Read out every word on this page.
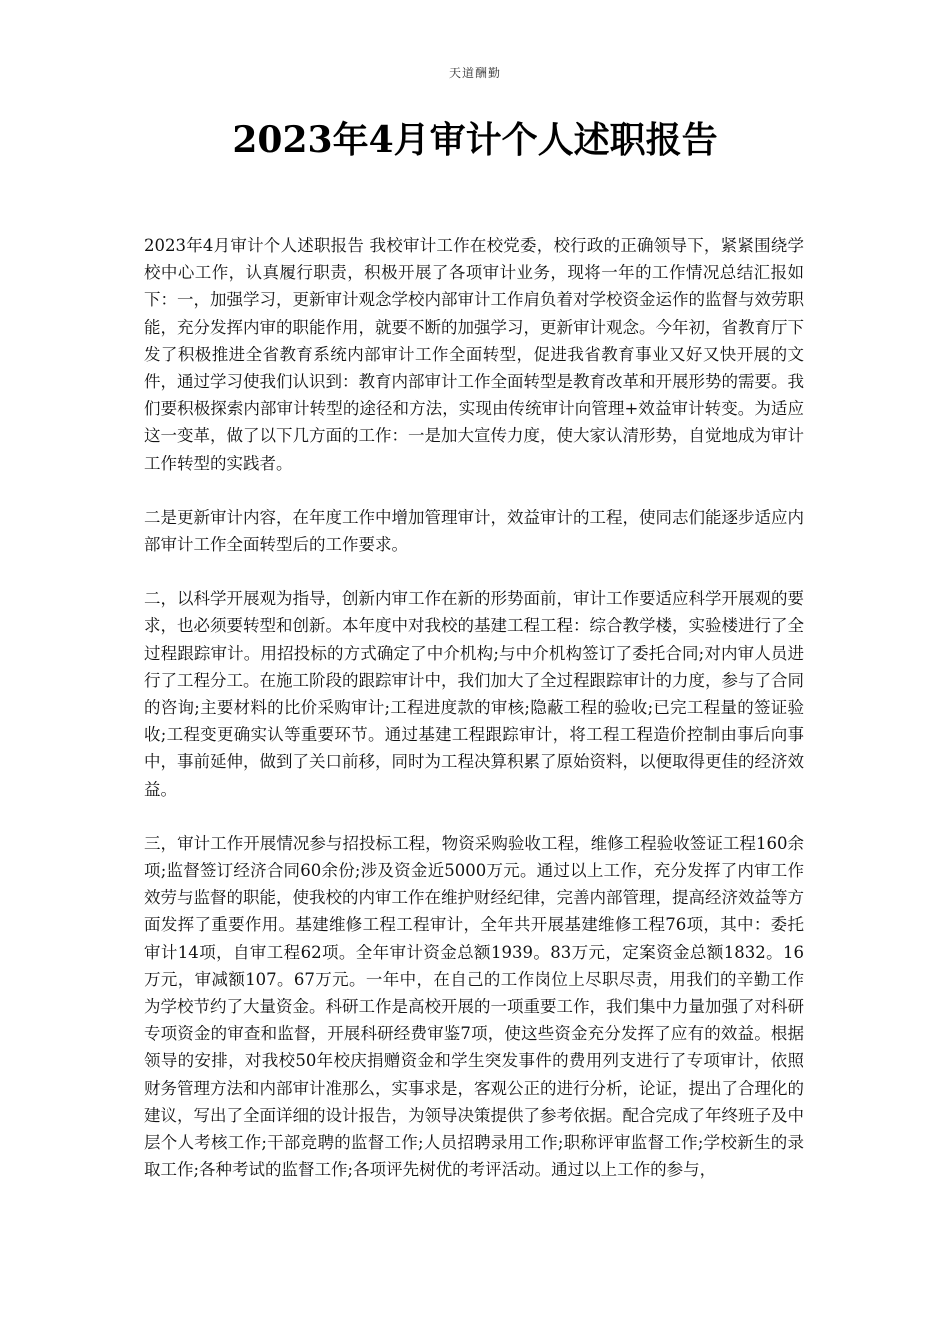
天道酬勤
2023年4月审计个人述职报告

2023年4月审计个人述职报告 我校审计工作在校党委，校行政的正确领导下，紧紧围绕学校中心工作，认真履行职责，积极开展了各项审计业务，现将一年的工作情况总结汇报如下：一，加强学习，更新审计观念学校内部审计工作肩负着对学校资金运作的监督与效劳职能，充分发挥内审的职能作用，就要不断的加强学习，更新审计观念。今年初，省教育厅下发了积极推进全省教育系统内部审计工作全面转型，促进我省教育事业又好又快开展的文件，通过学习使我们认识到：教育内部审计工作全面转型是教育改革和开展形势的需要。我们要积极探索内部审计转型的途径和方法，实现由传统审计向管理+效益审计转变。为适应这一变革，做了以下几方面的工作：一是加大宣传力度，使大家认清形势，自觉地成为审计工作转型的实践者。

二是更新审计内容，在年度工作中增加管理审计，效益审计的工程，使同志们能逐步适应内部审计工作全面转型后的工作要求。

二，以科学开展观为指导，创新内审工作在新的形势面前，审计工作要适应科学开展观的要求，也必须要转型和创新。本年度中对我校的基建工程工程：综合教学楼，实验楼进行了全过程跟踪审计。用招投标的方式确定了中介机构;与中介机构签订了委托合同;对内审人员进行了工程分工。在施工阶段的跟踪审计中，我们加大了全过程跟踪审计的力度，参与了合同的咨询;主要材料的比价采购审计;工程进度款的审核;隐蔽工程的验收;已完工程量的签证验收;工程变更确实认等重要环节。通过基建工程跟踪审计，将工程工程造价控制由事后向事中，事前延伸，做到了关口前移，同时为工程决算积累了原始资料，以便取得更佳的经济效益。

三，审计工作开展情况参与招投标工程，物资采购验收工程，维修工程验收签证工程160余项;监督签订经济合同60余份;涉及资金近5000万元。通过以上工作，充分发挥了内审工作效劳与监督的职能，使我校的内审工作在维护财经纪律，完善内部管理，提高经济效益等方面发挥了重要作用。基建维修工程工程审计，全年共开展基建维修工程76项，其中：委托审计14项，自审工程62项。全年审计资金总额1939。83万元，定案资金总额1832。16万元，审减额107。67万元。一年中，在自己的工作岗位上尽职尽责，用我们的辛勤工作为学校节约了大量资金。科研工作是高校开展的一项重要工作，我们集中力量加强了对科研专项资金的审查和监督，开展科研经费审鉴7项，使这些资金充分发挥了应有的效益。根据领导的安排，对我校50年校庆捐赠资金和学生突发事件的费用列支进行了专项审计，依照财务管理方法和内部审计准那么，实事求是，客观公正的进行分析，论证，提出了合理化的建议，写出了全面详细的设计报告，为领导决策提供了参考依据。配合完成了年终班子及中层个人考核工作;干部竞聘的监督工作;人员招聘录用工作;职称评审监督工作;学校新生的录取工作;各种考试的监督工作;各项评先树优的考评活动。通过以上工作的参与，
